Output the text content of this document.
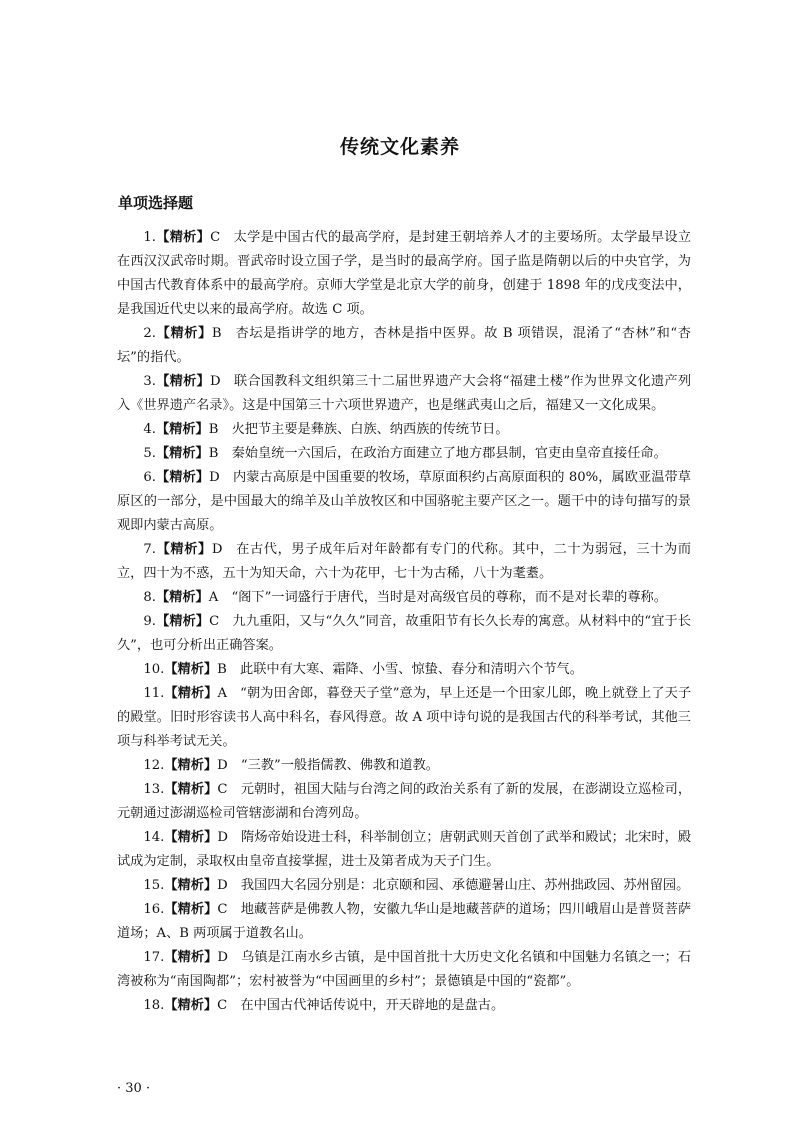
传统文化素养
单项选择题

1.【精析】C  太学是中国古代的最高学府，是封建王朝培养人才的主要场所。太学最早设立在西汉汉武帝时期。晋武帝时设立国子学，是当时的最高学府。国子监是隋朝以后的中央官学，为中国古代教育体系中的最高学府。京师大学堂是北京大学的前身，创建于 1898 年的戊戌变法中，是我国近代史以来的最高学府。故选 C 项。

2.【精析】B  杏坛是指讲学的地方，杏林是指中医界。故 B 项错误，混淆了“杏林”和“杏坛”的指代。

3.【精析】D  联合国教科文组织第三十二届世界遗产大会将“福建土楼”作为世界文化遗产列入《世界遗产名录》。这是中国第三十六项世界遗产，也是继武夷山之后，福建又一文化成果。

4.【精析】B  火把节主要是彝族、白族、纳西族的传统节日。

5.【精析】B  秦始皇统一六国后，在政治方面建立了地方郡县制，官吏由皇帝直接任命。

6.【精析】D  内蒙古高原是中国重要的牧场，草原面积约占高原面积的 80%，属欧亚温带草原区的一部分，是中国最大的绵羊及山羊放牧区和中国骆驼主要产区之一。题干中的诗句描写的景观即内蒙古高原。

7.【精析】D  在古代，男子成年后对年龄都有专门的代称。其中，二十为弱冠，三十为而立，四十为不惑，五十为知天命，六十为花甲，七十为古稀，八十为耄耋。

8.【精析】A  “阁下”一词盛行于唐代，当时是对高级官员的尊称，而不是对长辈的尊称。

9.【精析】C  九九重阳，又与“久久”同音，故重阳节有长久长寿的寓意。从材料中的“宜于长久”，也可分析出正确答案。

10.【精析】B  此联中有大寒、霜降、小雪、惊蛰、春分和清明六个节气。

11.【精析】A  “朝为田舍郎，暮登天子堂”意为，早上还是一个田家儿郎，晚上就登上了天子的殿堂。旧时形容读书人高中科名，春风得意。故 A 项中诗句说的是我国古代的科举考试，其他三项与科举考试无关。

12.【精析】D  “三教”一般指儒教、佛教和道教。

13.【精析】C  元朝时，祖国大陆与台湾之间的政治关系有了新的发展，在澎湖设立巡检司，元朝通过澎湖巡检司管辖澎湖和台湾列岛。

14.【精析】D  隋炀帝始设进士科，科举制创立；唐朝武则天首创了武举和殿试；北宋时，殿试成为定制，录取权由皇帝直接掌握，进士及第者成为天子门生。

15.【精析】D  我国四大名园分别是：北京颐和园、承德避暑山庄、苏州拙政园、苏州留园。

16.【精析】C  地藏菩萨是佛教人物，安徽九华山是地藏菩萨的道场；四川峨眉山是普贤菩萨道场；A、B 两项属于道教名山。

17.【精析】D  乌镇是江南水乡古镇，是中国首批十大历史文化名镇和中国魅力名镇之一；石湾被称为“南国陶都”；宏村被誉为“中国画里的乡村”；景德镇是中国的“瓷都”。

18.【精析】C  在中国古代神话传说中，开天辟地的是盘古。

· 30 ·
